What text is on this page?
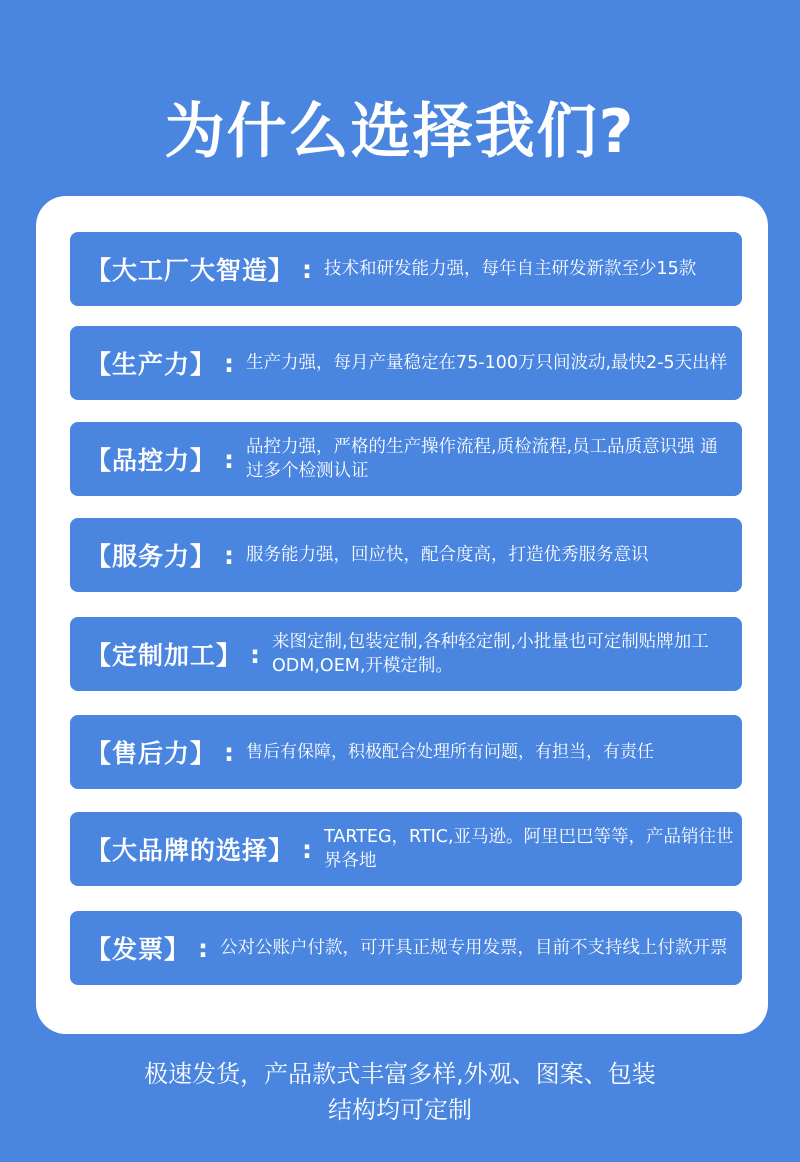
为什么选择我们?
【大工厂大智造】 : 技术和研发能力强，每年自主研发新款至少15款
【生产力】 : 生产力强，每月产量稳定在75-100万只间波动,最快2-5天出样
【品控力】 : 品控力强，严格的生产操作流程,质检流程,员工品质意识强 通过多个检测认证
【服务力】 : 服务能力强，回应快，配合度高，打造优秀服务意识
【定制加工】 : 来图定制,包装定制,各种轻定制,小批量也可定制贴牌加工ODM,OEM,开模定制。
【售后力】 : 售后有保障，积极配合处理所有问题，有担当，有责任
【大品牌的选择】 : TARTEG，RTIC,亚马逊。阿里巴巴等等，产品销往世界各地
【发票】 : 公对公账户付款，可开具正规专用发票，目前不支持线上付款开票
极速发货，产品款式丰富多样,外观、图案、包装
结构均可定制
